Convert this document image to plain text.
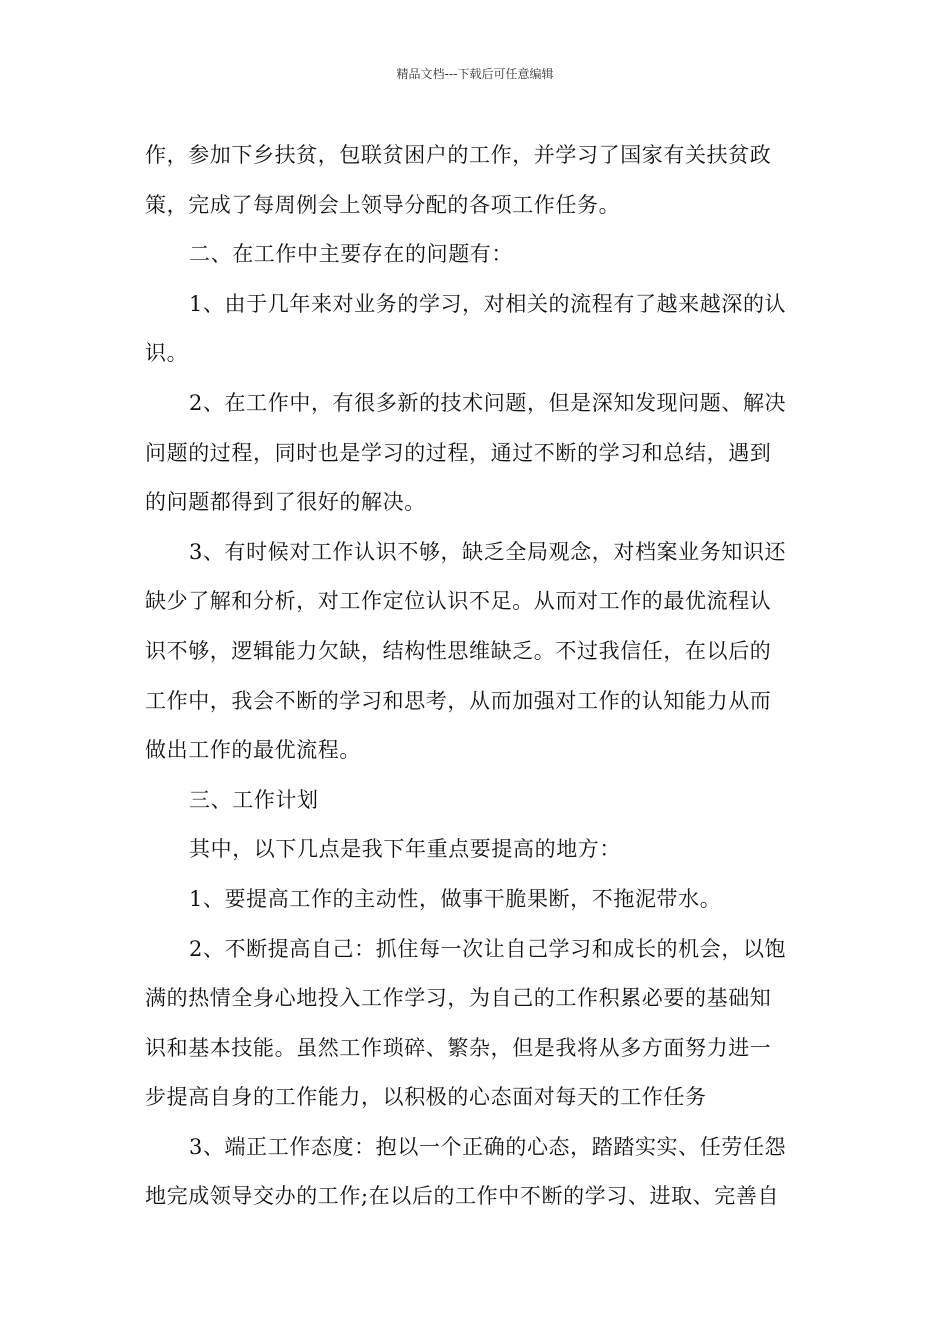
精品文档---下载后可任意编辑
作，参加下乡扶贫，包联贫困户的工作，并学习了国家有关扶贫政
策，完成了每周例会上领导分配的各项工作任务。
二、在工作中主要存在的问题有：
1、由于几年来对业务的学习，对相关的流程有了越来越深的认
识。
2、在工作中，有很多新的技术问题，但是深知发现问题、解决
问题的过程，同时也是学习的过程，通过不断的学习和总结，遇到
的问题都得到了很好的解决。
3、有时候对工作认识不够，缺乏全局观念，对档案业务知识还
缺少了解和分析，对工作定位认识不足。从而对工作的最优流程认
识不够，逻辑能力欠缺，结构性思维缺乏。不过我信任，在以后的
工作中，我会不断的学习和思考，从而加强对工作的认知能力从而
做出工作的最优流程。
三、工作计划
其中，以下几点是我下年重点要提高的地方：
1、要提高工作的主动性，做事干脆果断，不拖泥带水。
2、不断提高自己：抓住每一次让自己学习和成长的机会，以饱
满的热情全身心地投入工作学习，为自己的工作积累必要的基础知
识和基本技能。虽然工作琐碎、繁杂，但是我将从多方面努力进一
步提高自身的工作能力，以积极的心态面对每天的工作任务
3、端正工作态度：抱以一个正确的心态，踏踏实实、任劳任怨
地完成领导交办的工作;在以后的工作中不断的学习、进取、完善自
